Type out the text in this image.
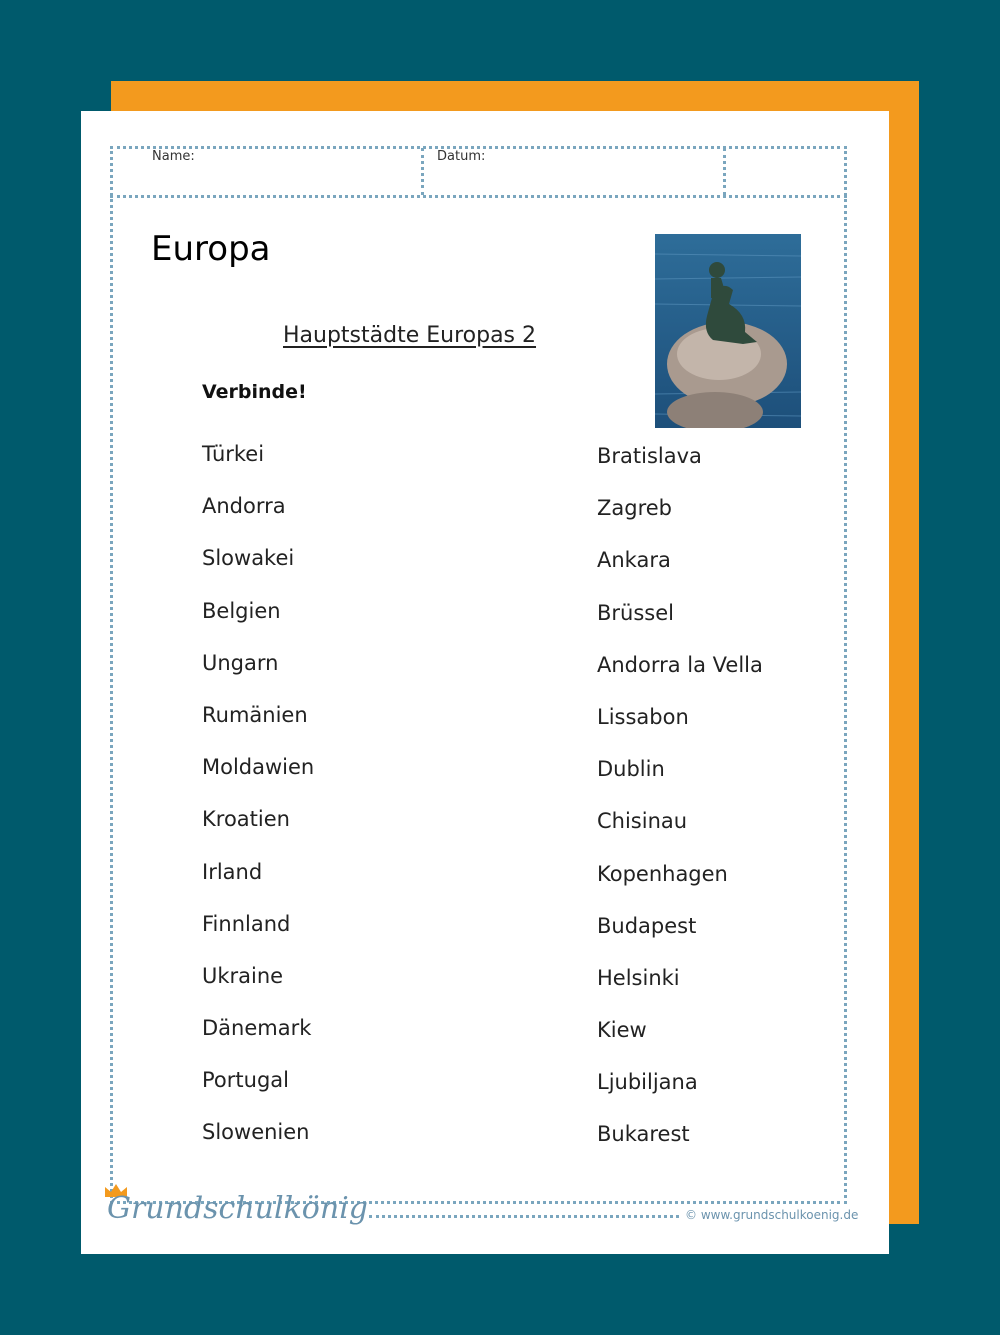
Name:	Datum:
Europa
Hauptstädte Europas 2
Verbinde!
Türkei
Andorra
Slowakei
Belgien
Ungarn
Rumänien
Moldawien
Kroatien
Irland
Finnland
Ukraine
Dänemark
Portugal
Slowenien
Bratislava
Zagreb
Ankara
Brüssel
Andorra la Vella
Lissabon
Dublin
Chisinau
Kopenhagen
Budapest
Helsinki
Kiew
Ljubiljana
Bukarest
Grundschulkönig	© www.grundschulkoenig.de
